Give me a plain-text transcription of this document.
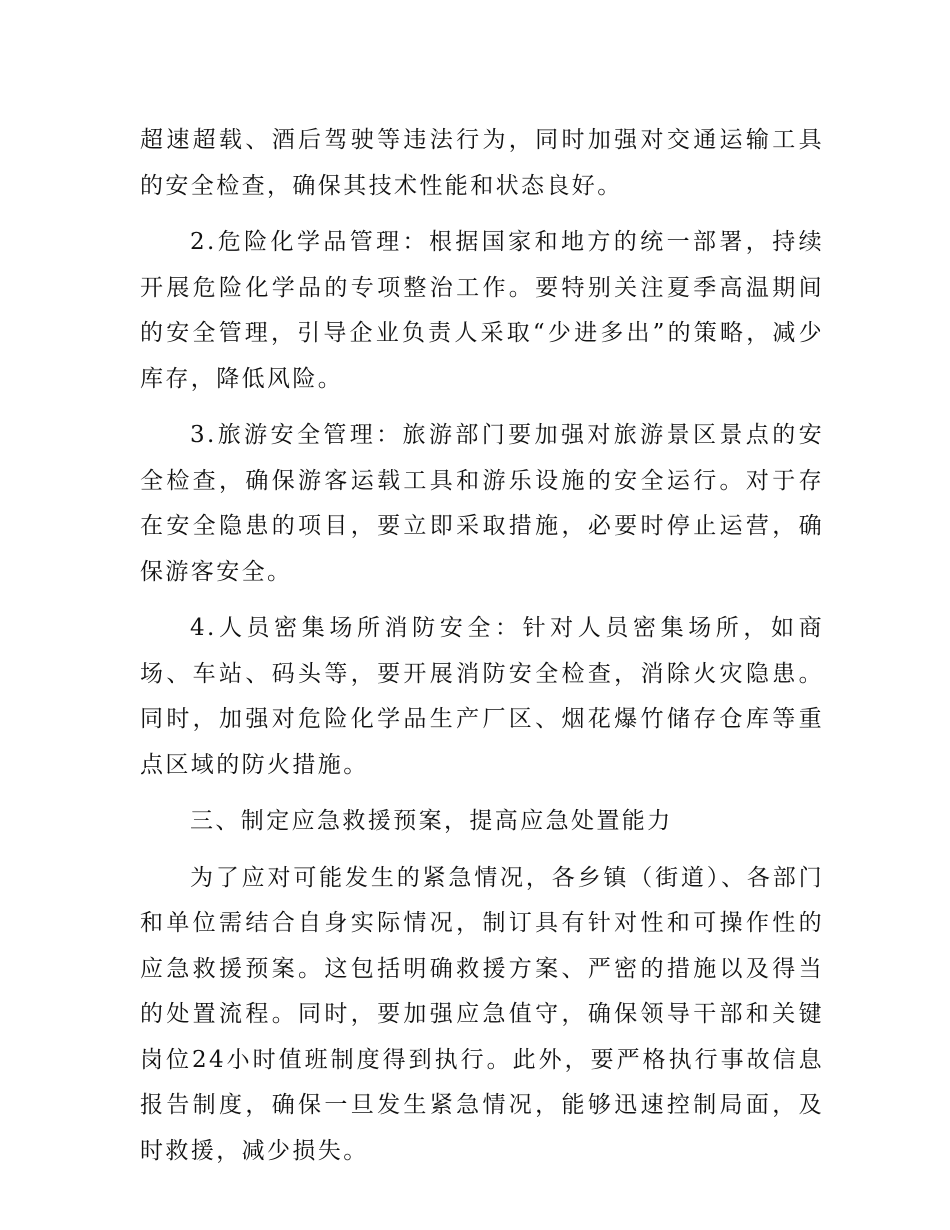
超速超载、酒后驾驶等违法行为，同时加强对交通运输工具的安全检查，确保其技术性能和状态良好。

2.危险化学品管理：根据国家和地方的统一部署，持续开展危险化学品的专项整治工作。要特别关注夏季高温期间的安全管理，引导企业负责人采取“少进多出”的策略，减少库存，降低风险。

3.旅游安全管理：旅游部门要加强对旅游景区景点的安全检查，确保游客运载工具和游乐设施的安全运行。对于存在安全隐患的项目，要立即采取措施，必要时停止运营，确保游客安全。

4.人员密集场所消防安全：针对人员密集场所，如商场、车站、码头等，要开展消防安全检查，消除火灾隐患。同时，加强对危险化学品生产厂区、烟花爆竹储存仓库等重点区域的防火措施。

三、制定应急救援预案，提高应急处置能力

为了应对可能发生的紧急情况，各乡镇（街道）、各部门和单位需结合自身实际情况，制订具有针对性和可操作性的应急救援预案。这包括明确救援方案、严密的措施以及得当的处置流程。同时，要加强应急值守，确保领导干部和关键岗位24小时值班制度得到执行。此外，要严格执行事故信息报告制度，确保一旦发生紧急情况，能够迅速控制局面，及时救援，减少损失。
